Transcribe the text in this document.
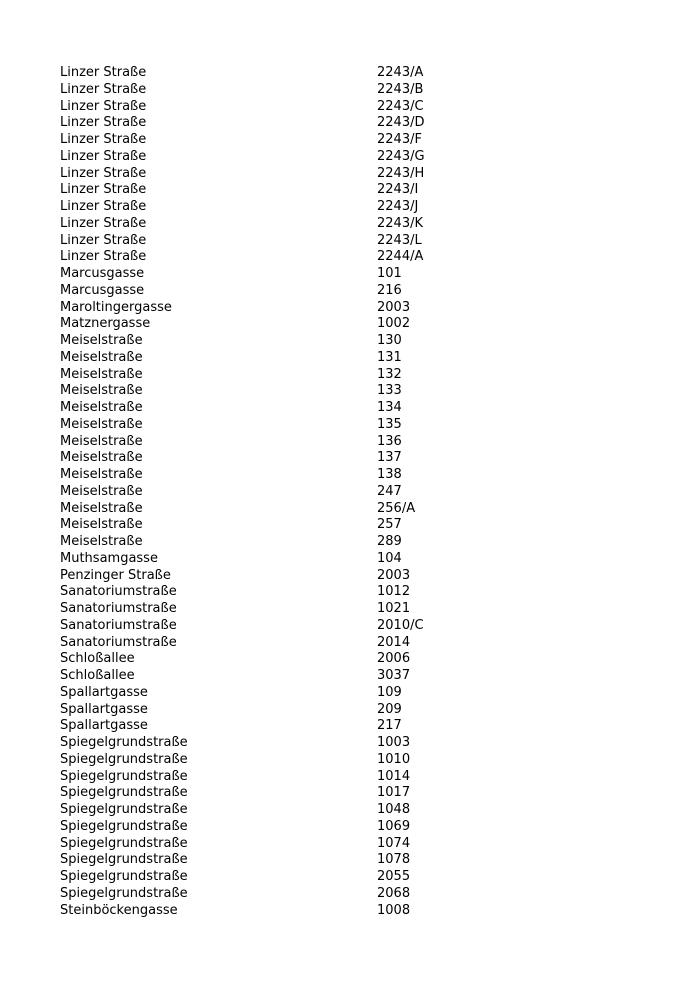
Linzer Straße	2243/A
Linzer Straße	2243/B
Linzer Straße	2243/C
Linzer Straße	2243/D
Linzer Straße	2243/F
Linzer Straße	2243/G
Linzer Straße	2243/H
Linzer Straße	2243/I
Linzer Straße	2243/J
Linzer Straße	2243/K
Linzer Straße	2243/L
Linzer Straße	2244/A
Marcusgasse	101
Marcusgasse	216
Maroltingergasse	2003
Matznergasse	1002
Meiselstraße	130
Meiselstraße	131
Meiselstraße	132
Meiselstraße	133
Meiselstraße	134
Meiselstraße	135
Meiselstraße	136
Meiselstraße	137
Meiselstraße	138
Meiselstraße	247
Meiselstraße	256/A
Meiselstraße	257
Meiselstraße	289
Muthsamgasse	104
Penzinger Straße	2003
Sanatoriumstraße	1012
Sanatoriumstraße	1021
Sanatoriumstraße	2010/C
Sanatoriumstraße	2014
Schloßallee	2006
Schloßallee	3037
Spallartgasse	109
Spallartgasse	209
Spallartgasse	217
Spiegelgrundstraße	1003
Spiegelgrundstraße	1010
Spiegelgrundstraße	1014
Spiegelgrundstraße	1017
Spiegelgrundstraße	1048
Spiegelgrundstraße	1069
Spiegelgrundstraße	1074
Spiegelgrundstraße	1078
Spiegelgrundstraße	2055
Spiegelgrundstraße	2068
Steinböckengasse	1008
